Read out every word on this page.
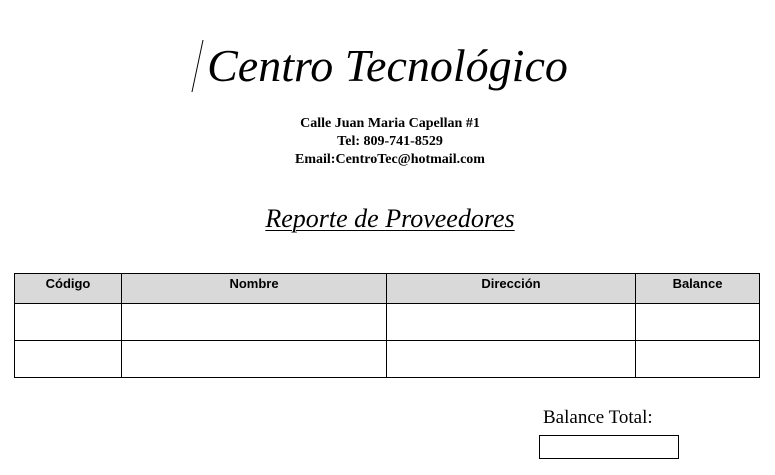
Centro Tecnológico
Calle Juan Maria Capellan #1
Tel: 809-741-8529
Email:CentroTec@hotmail.com
Reporte de Proveedores
Código	Nombre	Dirección	Balance

Balance Total:
